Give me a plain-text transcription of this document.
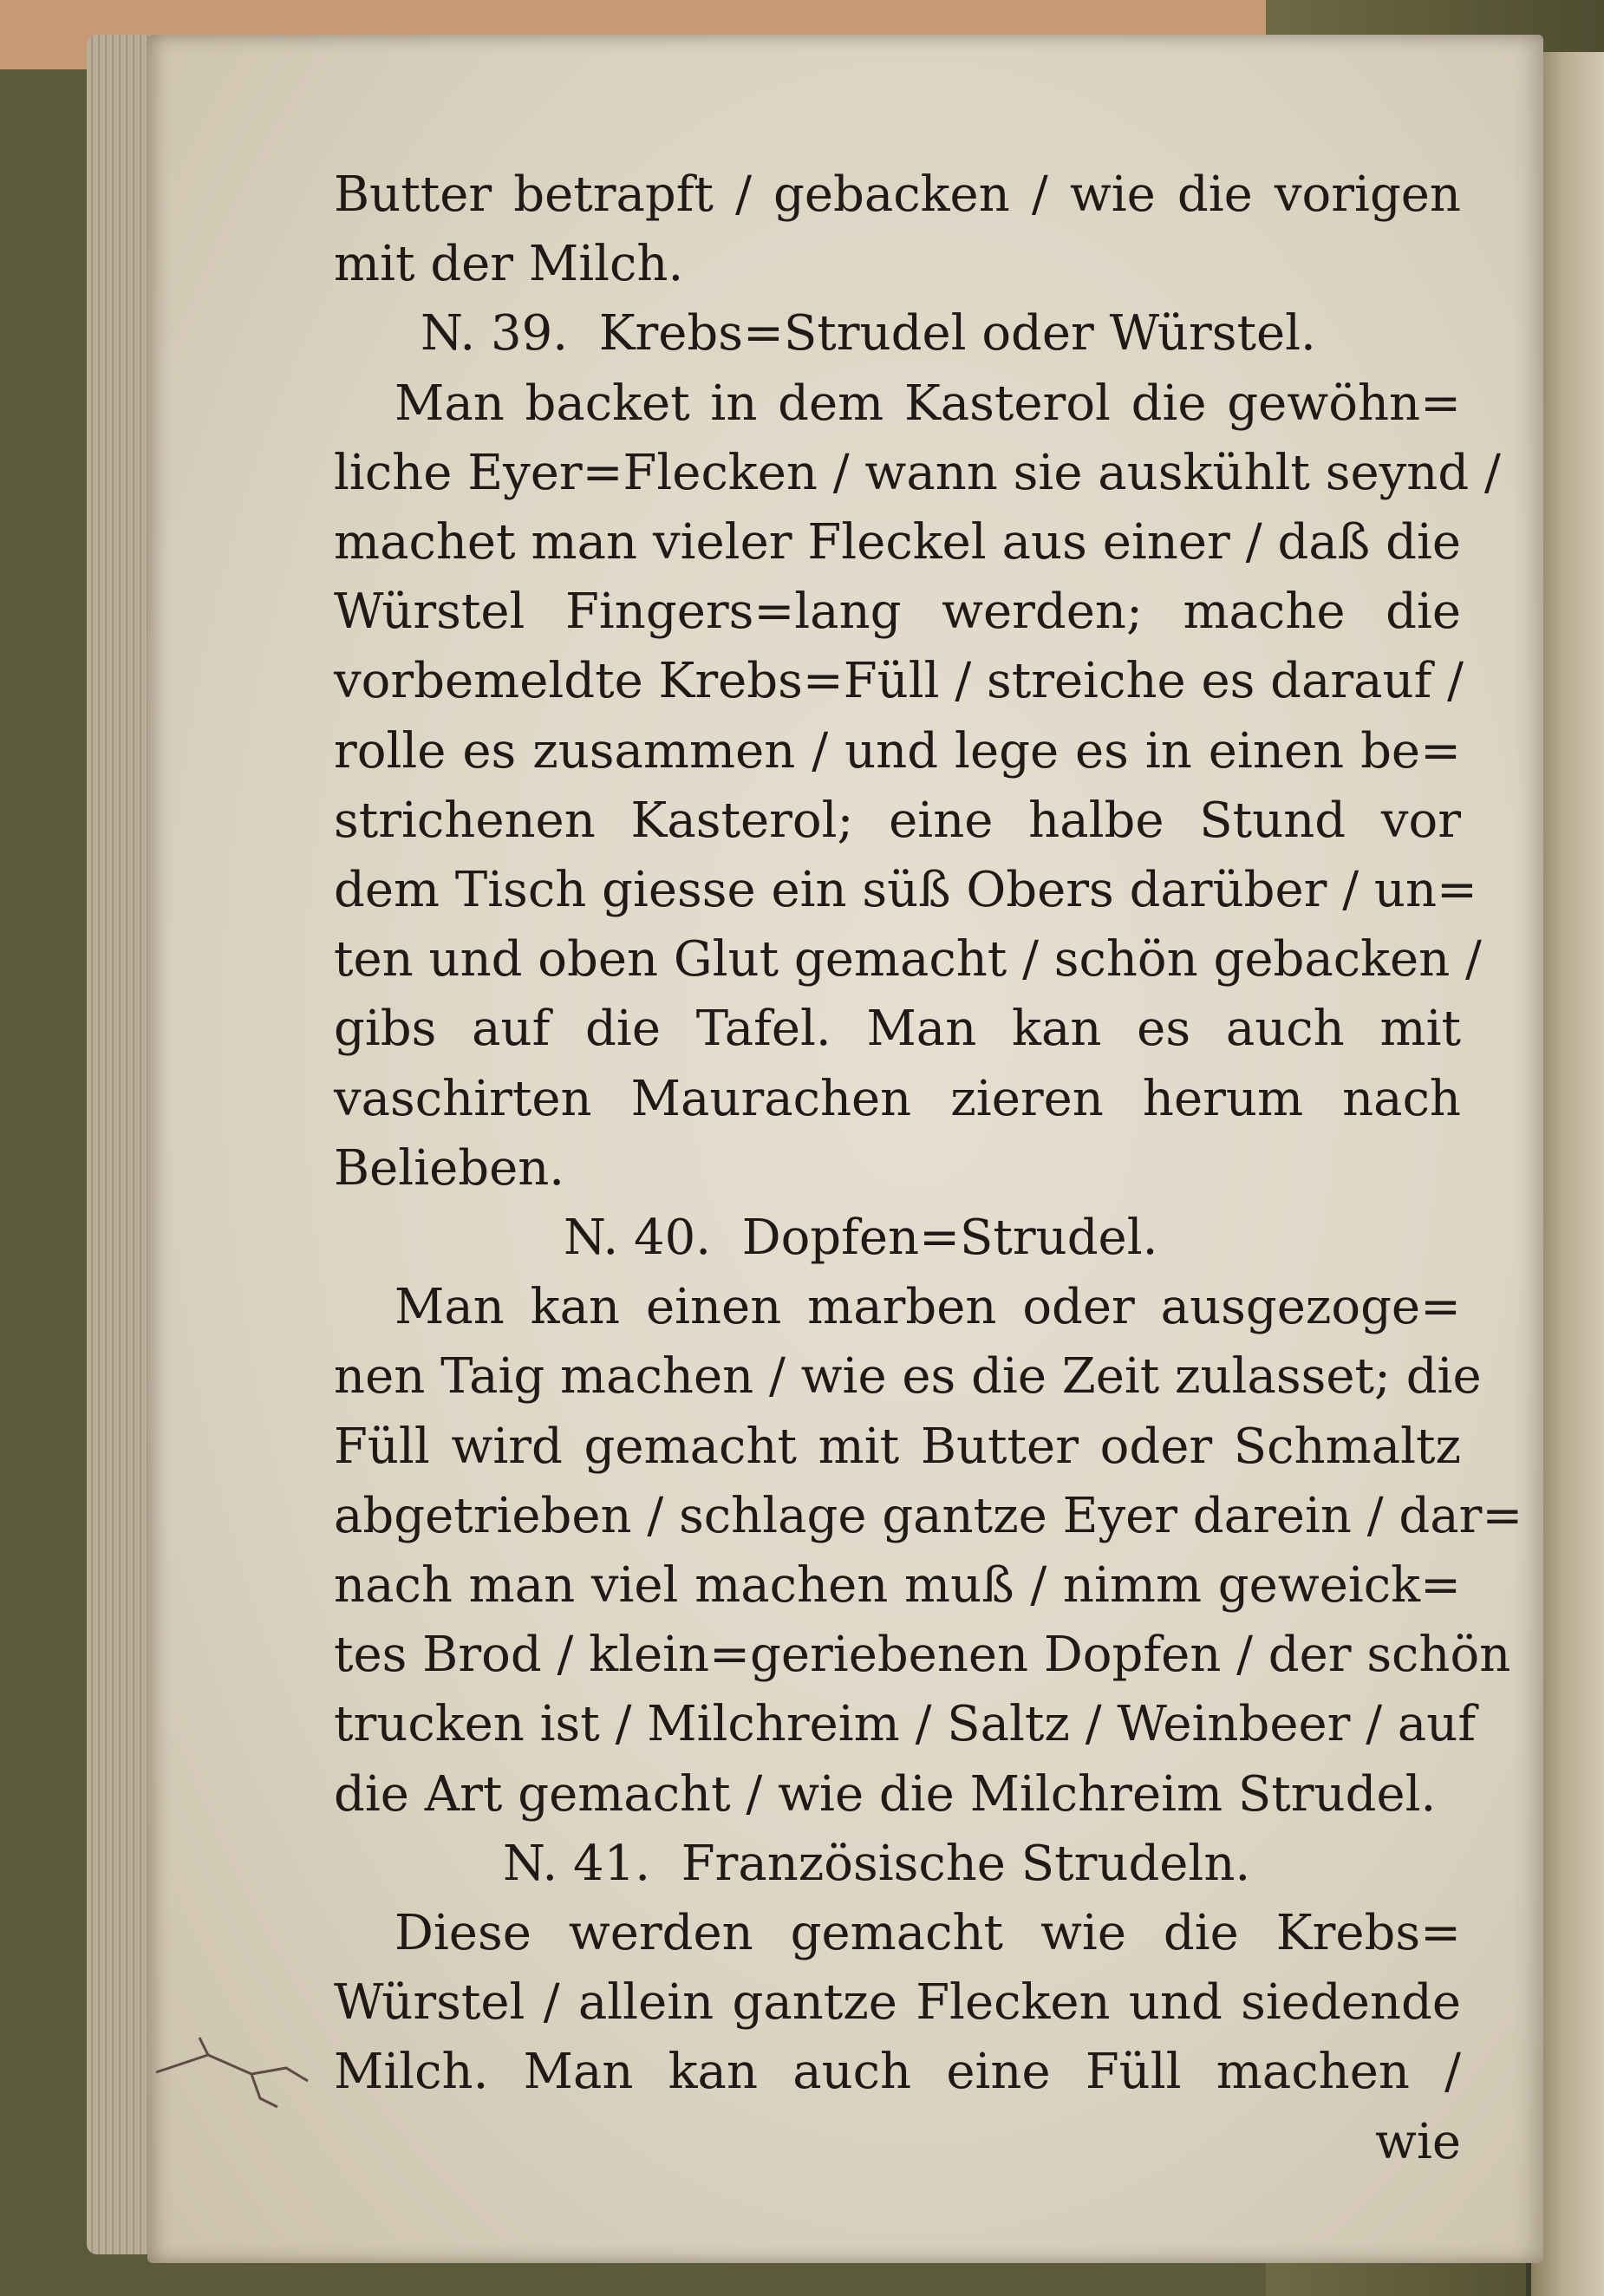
Butter betrapft / gebacken / wie die vorigen
mit der Milch.
N. 39. Krebs=Strudel oder Würstel.
Man backet in dem Kasterol die gewöhn=
liche Eyer=Flecken / wann sie auskühlt seynd /
machet man vieler Fleckel aus einer / daß die
Würstel Fingers=lang werden; mache die
vorbemeldte Krebs=Füll / streiche es darauf /
rolle es zusammen / und lege es in einen be=
strichenen Kasterol; eine halbe Stund vor
dem Tisch giesse ein süß Obers darüber / un=
ten und oben Glut gemacht / schön gebacken /
gibs auf die Tafel. Man kan es auch mit
vaschirten Maurachen zieren herum nach
Belieben.
N. 40. Dopfen=Strudel.
Man kan einen marben oder ausgezoge=
nen Taig machen / wie es die Zeit zulasset; die
Füll wird gemacht mit Butter oder Schmaltz
abgetrieben / schlage gantze Eyer darein / dar=
nach man viel machen muß / nimm geweick=
tes Brod / klein=geriebenen Dopfen / der schön
trucken ist / Milchreim / Saltz / Weinbeer / auf
die Art gemacht / wie die Milchreim Strudel.
N. 41. Französische Strudeln.
Diese werden gemacht wie die Krebs=
Würstel / allein gantze Flecken und siedende
Milch. Man kan auch eine Füll machen /
wie
